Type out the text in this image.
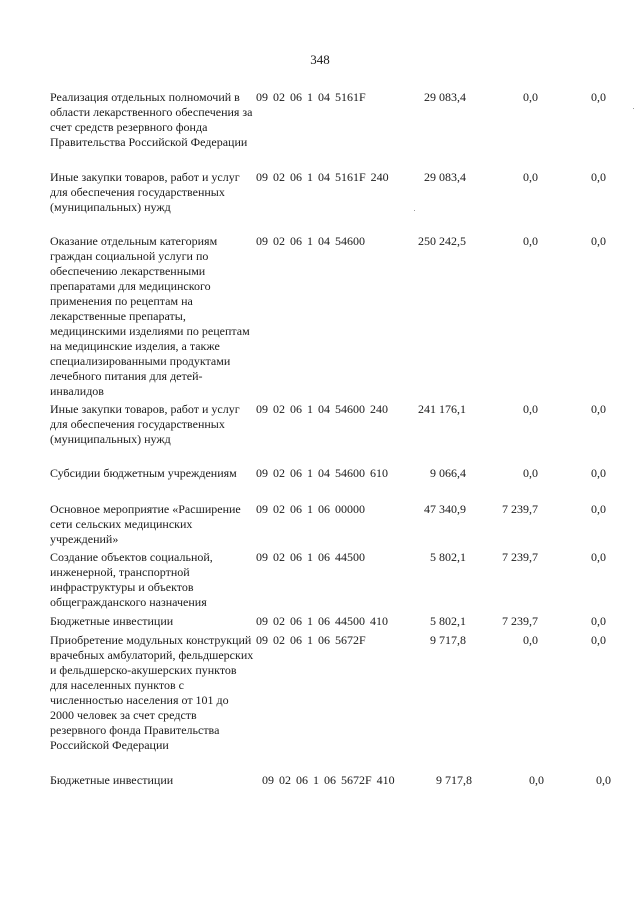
348
Реализация отдельных полномочий в области лекарственного обеспечения за счет средств резервного фонда Правительства Российской Федерации
09 02 06 1 04 5161F	29 083,4	0,0	0,0
Иные закупки товаров, работ и услуг для обеспечения государственных (муниципальных) нужд
09 02 06 1 04 5161F 240	29 083,4	0,0	0,0
Оказание отдельным категориям граждан социальной услуги по обеспечению лекарственными препаратами для медицинского применения по рецептам на лекарственные препараты, медицинскими изделиями по рецептам на медицинские изделия, а также специализированными продуктами лечебного питания для детей-инвалидов
09 02 06 1 04 54600	250 242,5	0,0	0,0
Иные закупки товаров, работ и услуг для обеспечения государственных (муниципальных) нужд
09 02 06 1 04 54600 240	241 176,1	0,0	0,0
Субсидии бюджетным учреждениям	09 02 06 1 04 54600 610	9 066,4	0,0	0,0
Основное мероприятие «Расширение сети сельских медицинских учреждений»
09 02 06 1 06 00000	47 340,9	7 239,7	0,0
Создание объектов социальной, инженерной, транспортной инфраструктуры и объектов общегражданского назначения
09 02 06 1 06 44500	5 802,1	7 239,7	0,0
Бюджетные инвестиции	09 02 06 1 06 44500 410	5 802,1	7 239,7	0,0
Приобретение модульных конструкций врачебных амбулаторий, фельдшерских и фельдшерско-акушерских пунктов для населенных пунктов с численностью населения от 101 до 2000 человек за счет средств резервного фонда Правительства Российской Федерации
09 02 06 1 06 5672F	9 717,8	0,0	0,0
Бюджетные инвестиции	09 02 06 1 06 5672F 410	9 717,8	0,0	0,0
